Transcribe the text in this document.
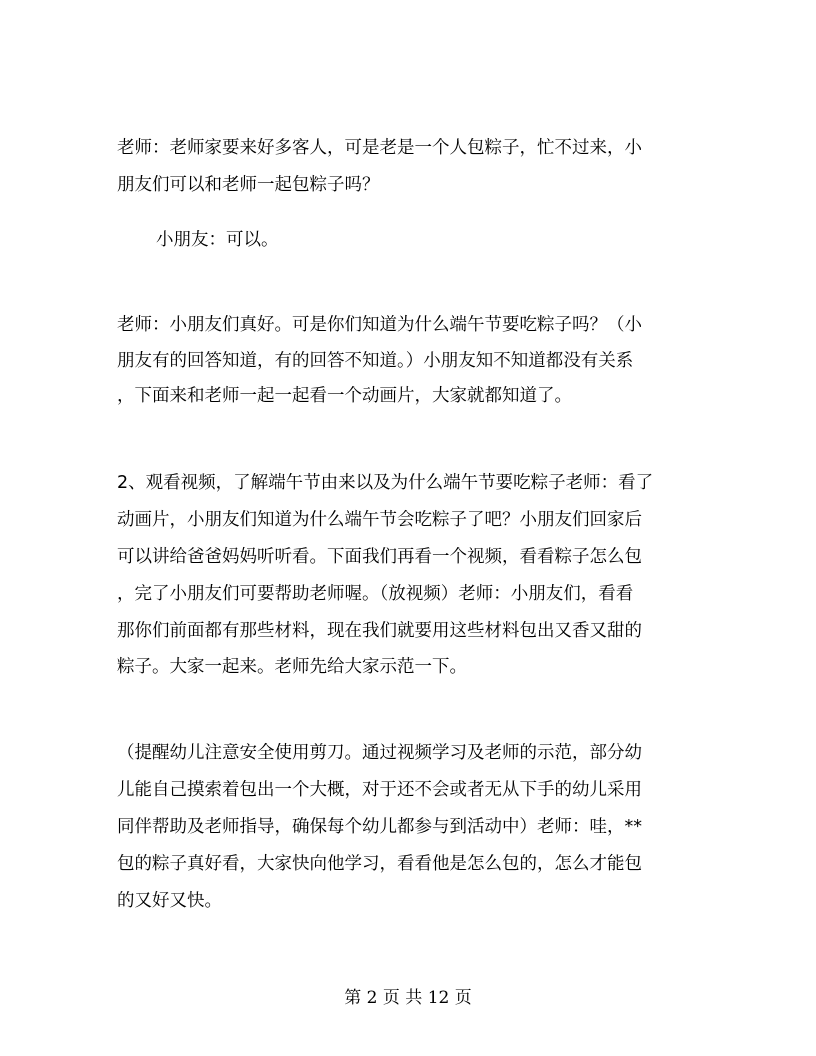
老师：老师家要来好多客人，可是老是一个人包粽子，忙不过来，小

朋友们可以和老师一起包粽子吗？

小朋友：可以。

老师：小朋友们真好。可是你们知道为什么端午节要吃粽子吗？（小

朋友有的回答知道，有的回答不知道。）小朋友知不知道都没有关系

，下面来和老师一起一起看一个动画片，大家就都知道了。

2、观看视频，了解端午节由来以及为什么端午节要吃粽子老师：看了

动画片，小朋友们知道为什么端午节会吃粽子了吧？小朋友们回家后

可以讲给爸爸妈妈听听看。下面我们再看一个视频，看看粽子怎么包

，完了小朋友们可要帮助老师喔。（放视频）老师：小朋友们，看看

那你们前面都有那些材料，现在我们就要用这些材料包出又香又甜的

粽子。大家一起来。老师先给大家示范一下。

（提醒幼儿注意安全使用剪刀。通过视频学习及老师的示范，部分幼

儿能自己摸索着包出一个大概，对于还不会或者无从下手的幼儿采用

同伴帮助及老师指导，确保每个幼儿都参与到活动中）老师：哇，**

包的粽子真好看，大家快向他学习，看看他是怎么包的，怎么才能包

的又好又快。

第 2 页 共 12 页
